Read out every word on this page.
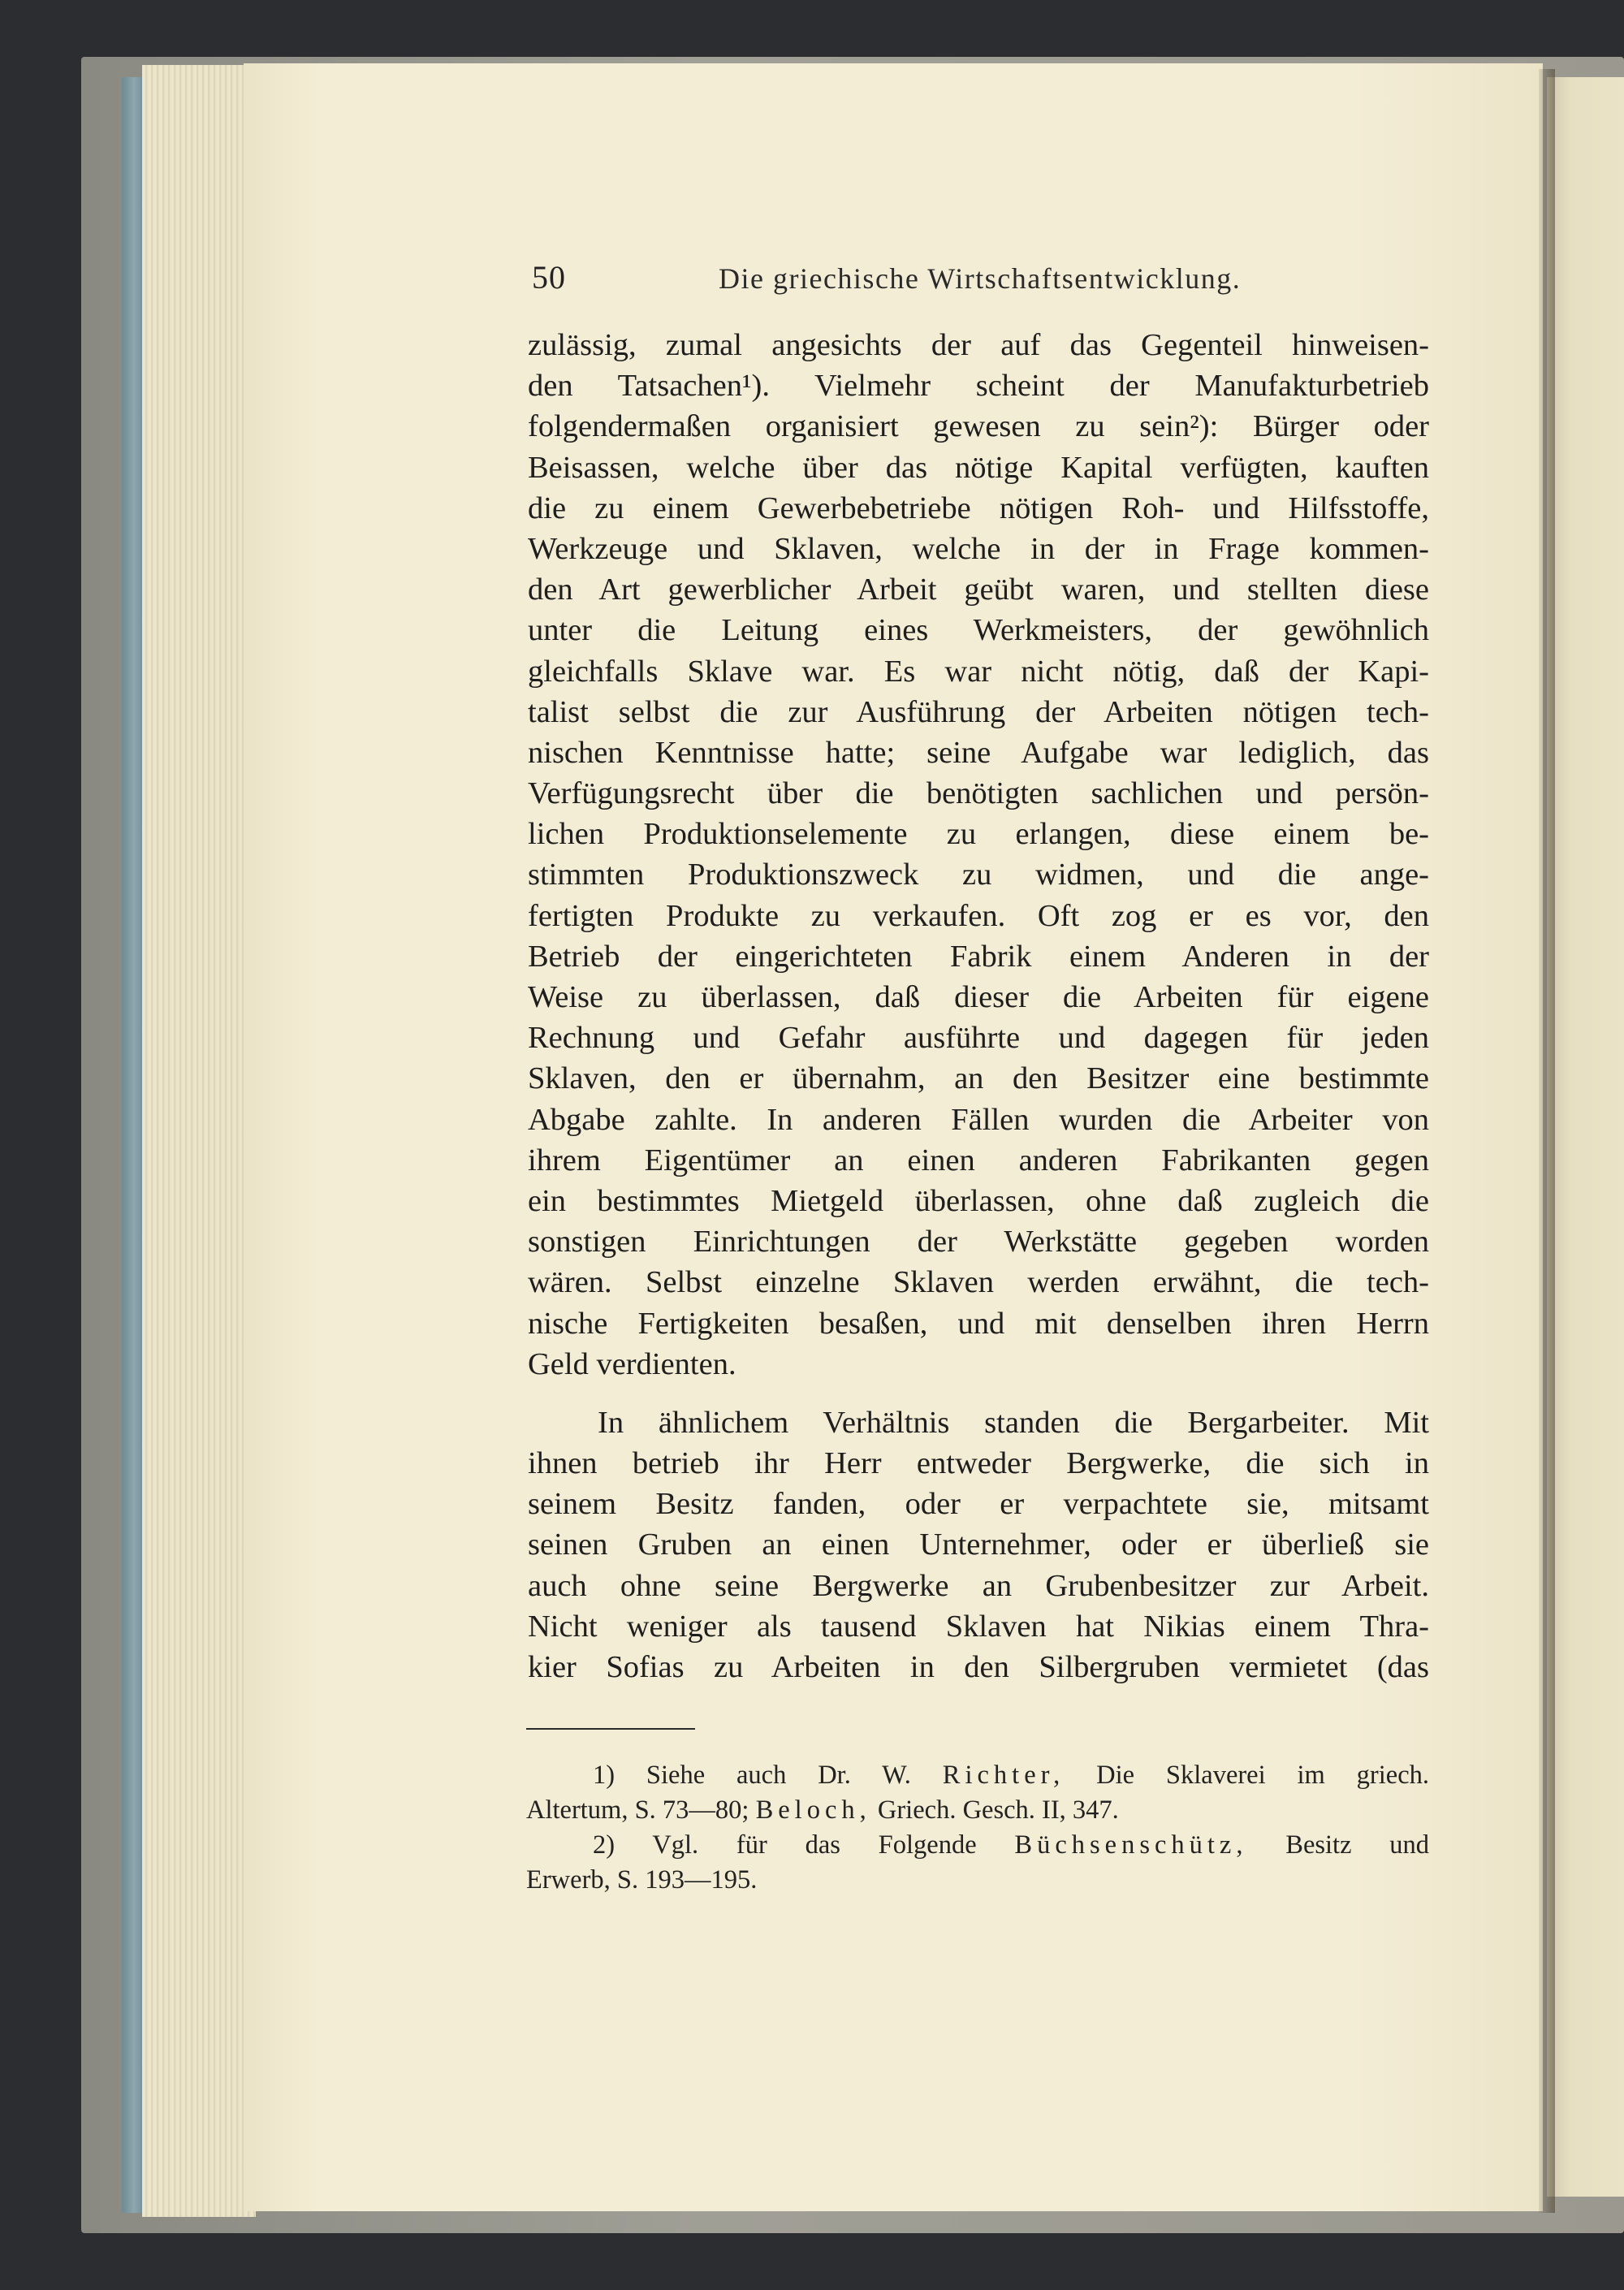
50	Die griechische Wirtschaftsentwicklung.
zulässig, zumal angesichts der auf das Gegenteil hinweisen-
den Tatsachen¹). Vielmehr scheint der Manufakturbetrieb
folgendermaßen organisiert gewesen zu sein²): Bürger oder
Beisassen, welche über das nötige Kapital verfügten, kauften
die zu einem Gewerbebetriebe nötigen Roh- und Hilfsstoffe,
Werkzeuge und Sklaven, welche in der in Frage kommen-
den Art gewerblicher Arbeit geübt waren, und stellten diese
unter die Leitung eines Werkmeisters, der gewöhnlich
gleichfalls Sklave war. Es war nicht nötig, daß der Kapi-
talist selbst die zur Ausführung der Arbeiten nötigen tech-
nischen Kenntnisse hatte; seine Aufgabe war lediglich, das
Verfügungsrecht über die benötigten sachlichen und persön-
lichen Produktionselemente zu erlangen, diese einem be-
stimmten Produktionszweck zu widmen, und die ange-
fertigten Produkte zu verkaufen. Oft zog er es vor, den
Betrieb der eingerichteten Fabrik einem Anderen in der
Weise zu überlassen, daß dieser die Arbeiten für eigene
Rechnung und Gefahr ausführte und dagegen für jeden
Sklaven, den er übernahm, an den Besitzer eine bestimmte
Abgabe zahlte. In anderen Fällen wurden die Arbeiter von
ihrem Eigentümer an einen anderen Fabrikanten gegen
ein bestimmtes Mietgeld überlassen, ohne daß zugleich die
sonstigen Einrichtungen der Werkstätte gegeben worden
wären. Selbst einzelne Sklaven werden erwähnt, die tech-
nische Fertigkeiten besaßen, und mit denselben ihren Herrn
Geld verdienten.
In ähnlichem Verhältnis standen die Bergarbeiter. Mit
ihnen betrieb ihr Herr entweder Bergwerke, die sich in
seinem Besitz fanden, oder er verpachtete sie, mitsamt
seinen Gruben an einen Unternehmer, oder er überließ sie
auch ohne seine Bergwerke an Grubenbesitzer zur Arbeit.
Nicht weniger als tausend Sklaven hat Nikias einem Thra-
kier Sofias zu Arbeiten in den Silbergruben vermietet (das
1) Siehe auch Dr. W. Richter, Die Sklaverei im griech.
Altertum, S. 73—80; Beloch, Griech. Gesch. II, 347.
2) Vgl. für das Folgende Büchsenschütz, Besitz und
Erwerb, S. 193—195.
